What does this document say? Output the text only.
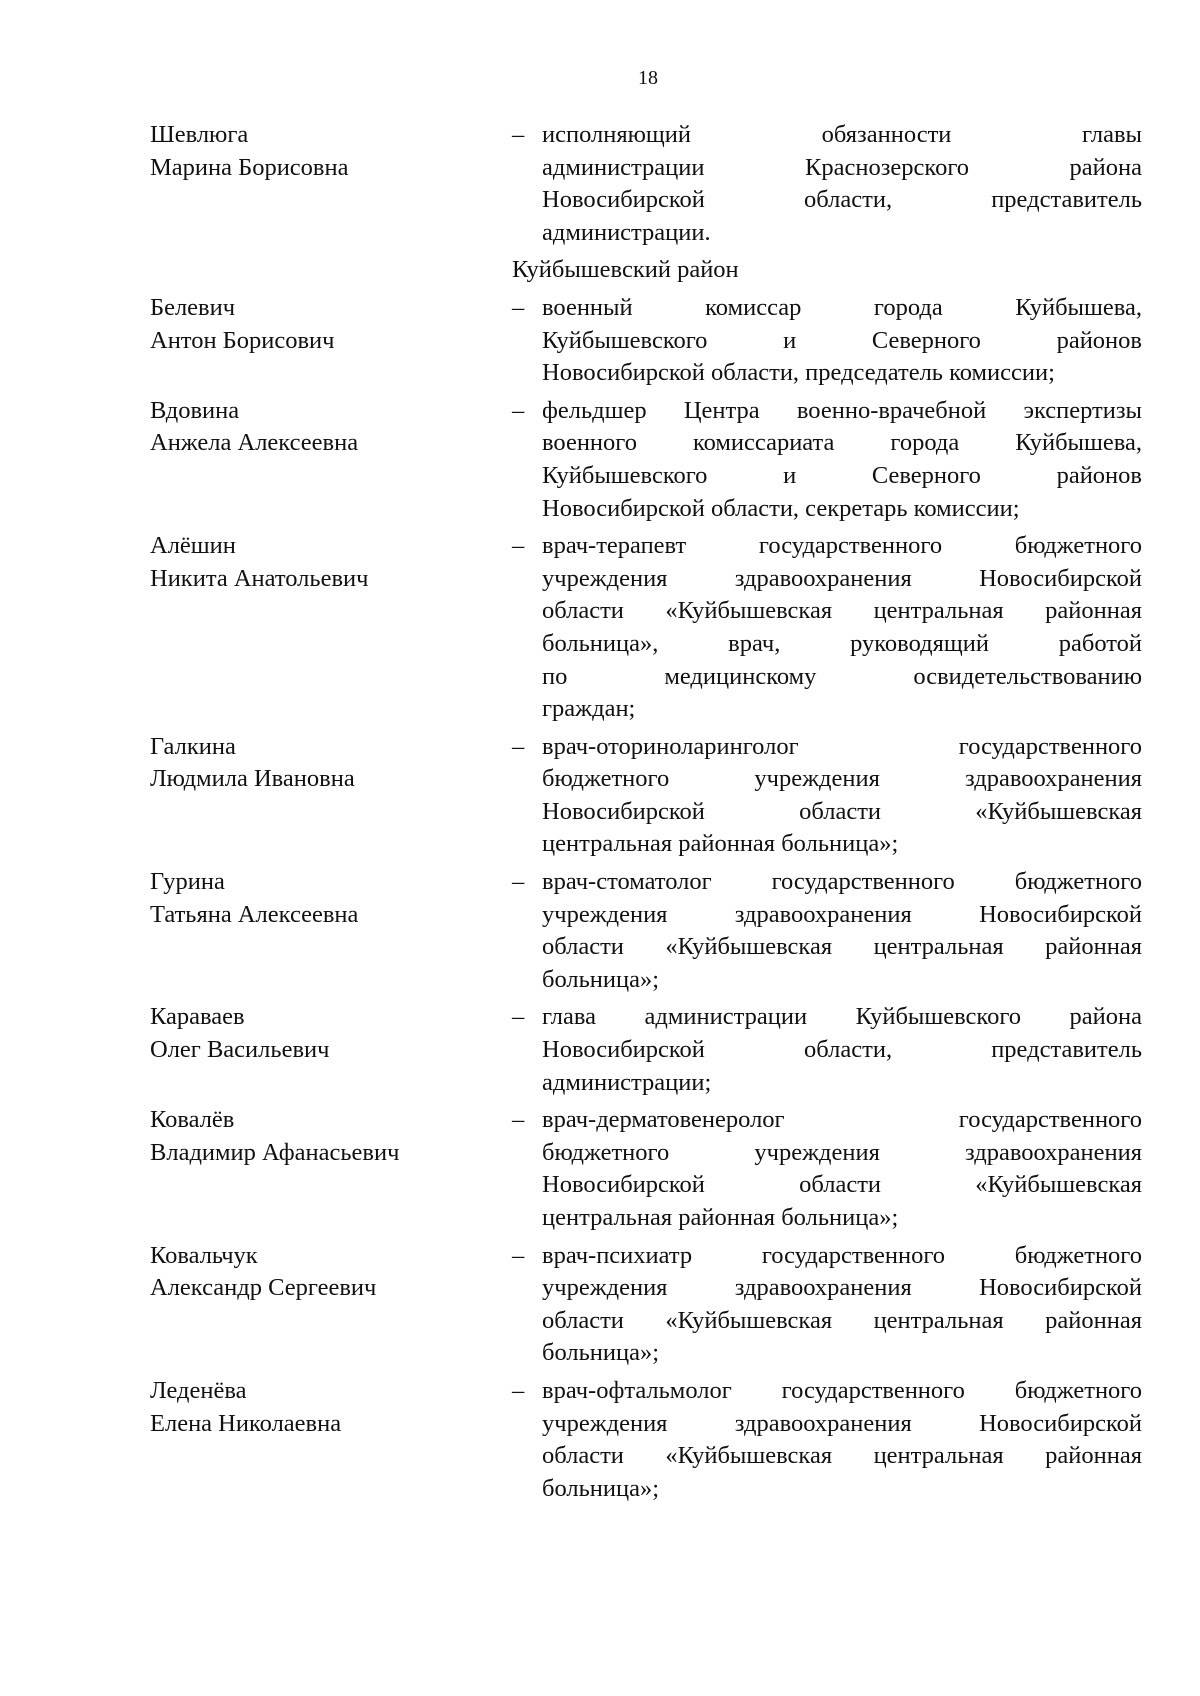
18
Шевлюга
Марина Борисовна
– исполняющий обязанности главы
администрации Краснозерского района
Новосибирской области, представитель
администрации.
Куйбышевский район
Белевич
Антон Борисович
– военный комиссар города Куйбышева,
Куйбышевского и Северного районов
Новосибирской области, председатель комиссии;
Вдовина
Анжела Алексеевна
– фельдшер Центра военно-врачебной экспертизы
военного комиссариата города Куйбышева,
Куйбышевского и Северного районов
Новосибирской области, секретарь комиссии;
Алёшин
Никита Анатольевич
– врач-терапевт государственного бюджетного
учреждения здравоохранения Новосибирской
области «Куйбышевская центральная районная
больница», врач, руководящий работой
по медицинскому освидетельствованию
граждан;
Галкина
Людмила Ивановна
– врач-оториноларинголог государственного
бюджетного учреждения здравоохранения
Новосибирской области «Куйбышевская
центральная районная больница»;
Гурина
Татьяна Алексеевна
– врач-стоматолог государственного бюджетного
учреждения здравоохранения Новосибирской
области «Куйбышевская центральная районная
больница»;
Караваев
Олег Васильевич
– глава администрации Куйбышевского района
Новосибирской области, представитель
администрации;
Ковалёв
Владимир Афанасьевич
– врач-дерматовенеролог государственного
бюджетного учреждения здравоохранения
Новосибирской области «Куйбышевская
центральная районная больница»;
Ковальчук
Александр Сергеевич
– врач-психиатр государственного бюджетного
учреждения здравоохранения Новосибирской
области «Куйбышевская центральная районная
больница»;
Леденёва
Елена Николаевна
– врач-офтальмолог государственного бюджетного
учреждения здравоохранения Новосибирской
области «Куйбышевская центральная районная
больница»;
